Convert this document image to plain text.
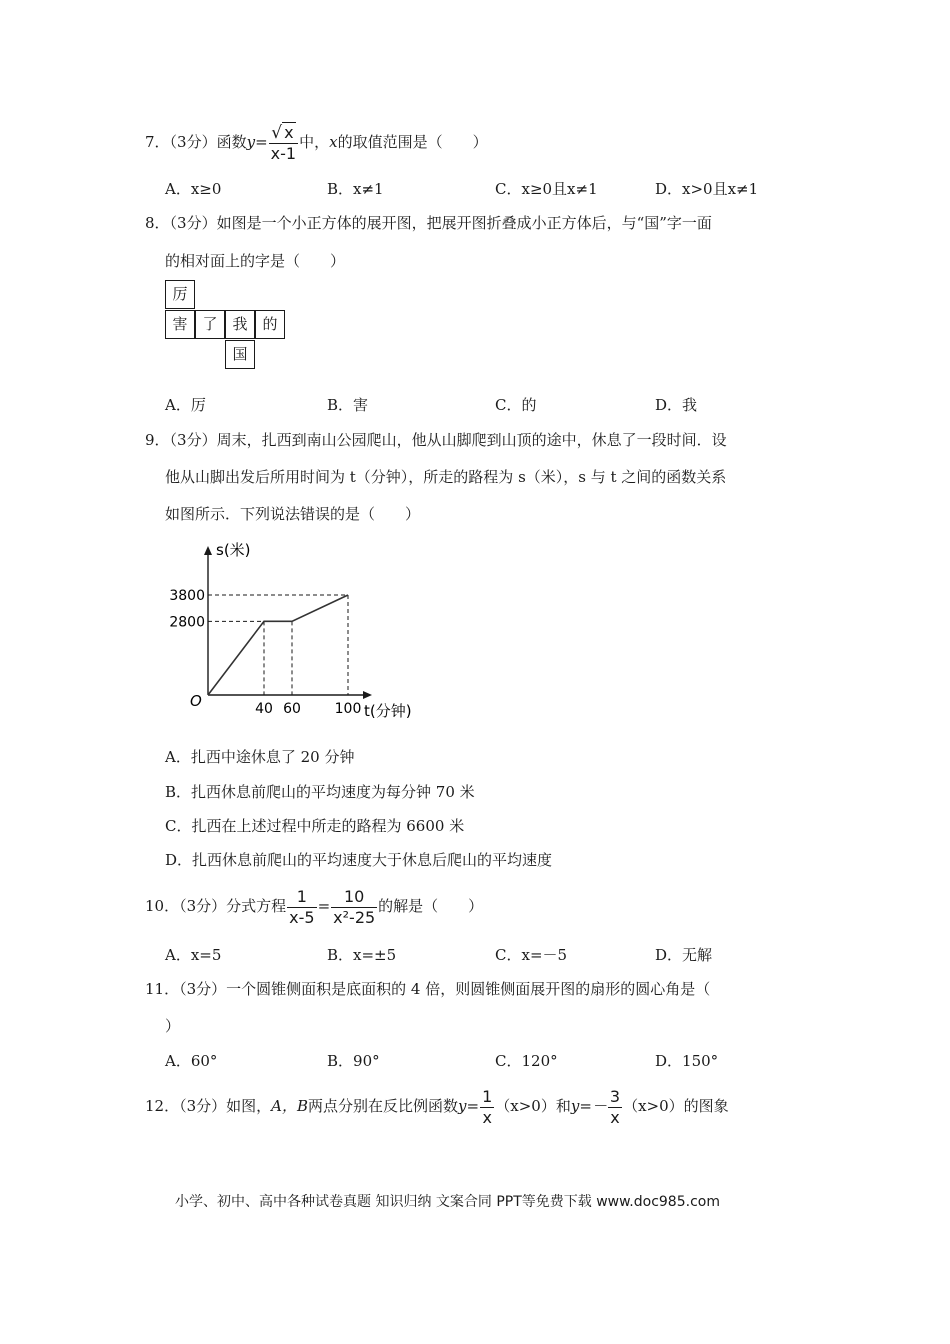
7．（3分）函数$y= \frac{√ x}{x-1}$ 中，x的取值范围是（　　）
A．x≥0	B．x≠1	C．x≥0且x≠1	D．x>0且x≠1
8．（3分）如图是一个小正方体的展开图，把展开图折叠成小正方体后，与“国”字一面
的相对面上的字是（　　）
厉
害 了 我 的
国
A．厉	B．害	C．的	D．我
9．（3分）周末，扎西到南山公园爬山，他从山脚爬到山顶的途中，休息了一段时间．设
他从山脚出发后所用时间为 t（分钟），所走的路程为 s（米），s 与 t 之间的函数关系
如图所示．下列说法错误的是（　　）
s(米)
t(分钟)
O	40 60 100
3800
2800
A．扎西中途休息了 20 分钟
B．扎西休息前爬山的平均速度为每分钟 70 米
C．扎西在上述过程中所走的路程为 6600 米
D．扎西休息前爬山的平均速度大于休息后爬山的平均速度
10．（3分）分式方程 $\frac{1}{x-5} = \frac{10}{\text{x²-25}}$ 的解是（　　）
A．x=5	B．x=±5	C．x=－5	D．无解
11．（3分）一个圆锥侧面积是底面积的 4 倍，则圆锥侧面展开图的扇形的圆心角是（
）
A．60°	B．90°	C．120°	D．150°
12．（3分）如图，A，B两点分别在反比例函数$y= \frac{1}{x} (x>0)$和$y=- \frac{3}{x} (x>0)$的图象
小学、初中、高中各种试卷真题 知识归纳 文案合同 PPT等免费下载 www.doc985.com
